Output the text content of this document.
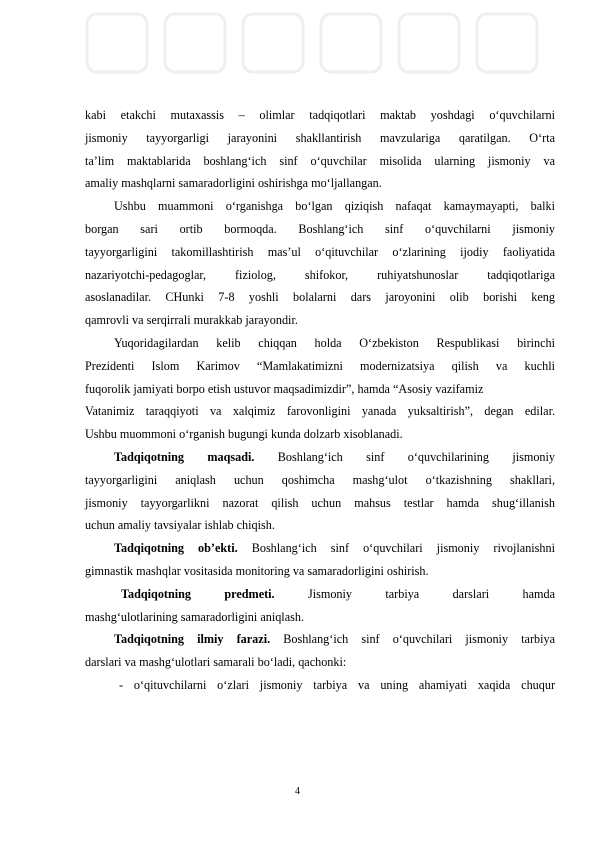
kabi etakchi mutaxassis – olimlar tadqiqotlari maktab yoshdagi o‘quvchilarni

jismoniy tayyorgarligi jarayonini shakllantirish mavzulariga qaratilgan. O‘rta

ta’lim maktablarida boshlang‘ich sinf o‘quvchilar misolida ularning jismoniy va

amaliy mashqlarni samaradorligini oshirishga mo‘ljallangan.

Ushbu muammoni o‘rganishga bo‘lgan qiziqish nafaqat kamaymayapti, balki

borgan sari ortib bormoqda. Boshlang‘ich sinf o‘quvchilarni jismoniy

tayyorgarligini takomillashtirish mas’ul o‘qituvchilar o‘zlarining ijodiy faoliyatida

nazariyotchi-pedagoglar, fiziolog, shifokor, ruhiyatshunoslar tadqiqotlariga

asoslanadilar. CHunki 7-8 yoshli bolalarni dars jaroyonini olib borishi keng

qamrovli va serqirrali murakkab jarayondir.

Yuqoridagilardan kelib chiqqan holda O‘zbekiston Respublikasi birinchi

Prezidenti Islom Karimov “Mamlakatimizni modernizatsiya qilish va kuchli

fuqorolik jamiyati borpo etish ustuvor maqsadimizdir”, hamda “Asosiy vazifamiz

Vatanimiz taraqqiyoti va xalqimiz farovonligini yanada yuksaltirish”, degan edilar.

Ushbu muommoni o‘rganish bugungi kunda dolzarb xisoblanadi.

Tadqiqotning maqsadi. Boshlang‘ich sinf o‘quvchilarining jismoniy

tayyorgarligini aniqlash uchun qoshimcha mashg‘ulot o‘tkazishning shakllari,

jismoniy tayyorgarlikni nazorat qilish uchun mahsus testlar hamda shug‘illanish

uchun amaliy tavsiyalar ishlab chiqish.

Tadqiqotning ob’ekti. Boshlang‘ich sinf o‘quvchilari jismoniy rivojlanishni

gimnastik mashqlar vositasida monitoring va samaradorligini oshirish.

Tadqiqotning predmeti. Jismoniy tarbiya darslari hamda

mashg‘ulotlarining samaradorligini aniqlash.

Tadqiqotning ilmiy farazi. Boshlang‘ich sinf o‘quvchilari jismoniy tarbiya

darslari va mashg‘ulotlari samarali bo‘ladi, qachonki:

- o‘qituvchilarni o‘zlari jismoniy tarbiya va uning ahamiyati xaqida chuqur

4
